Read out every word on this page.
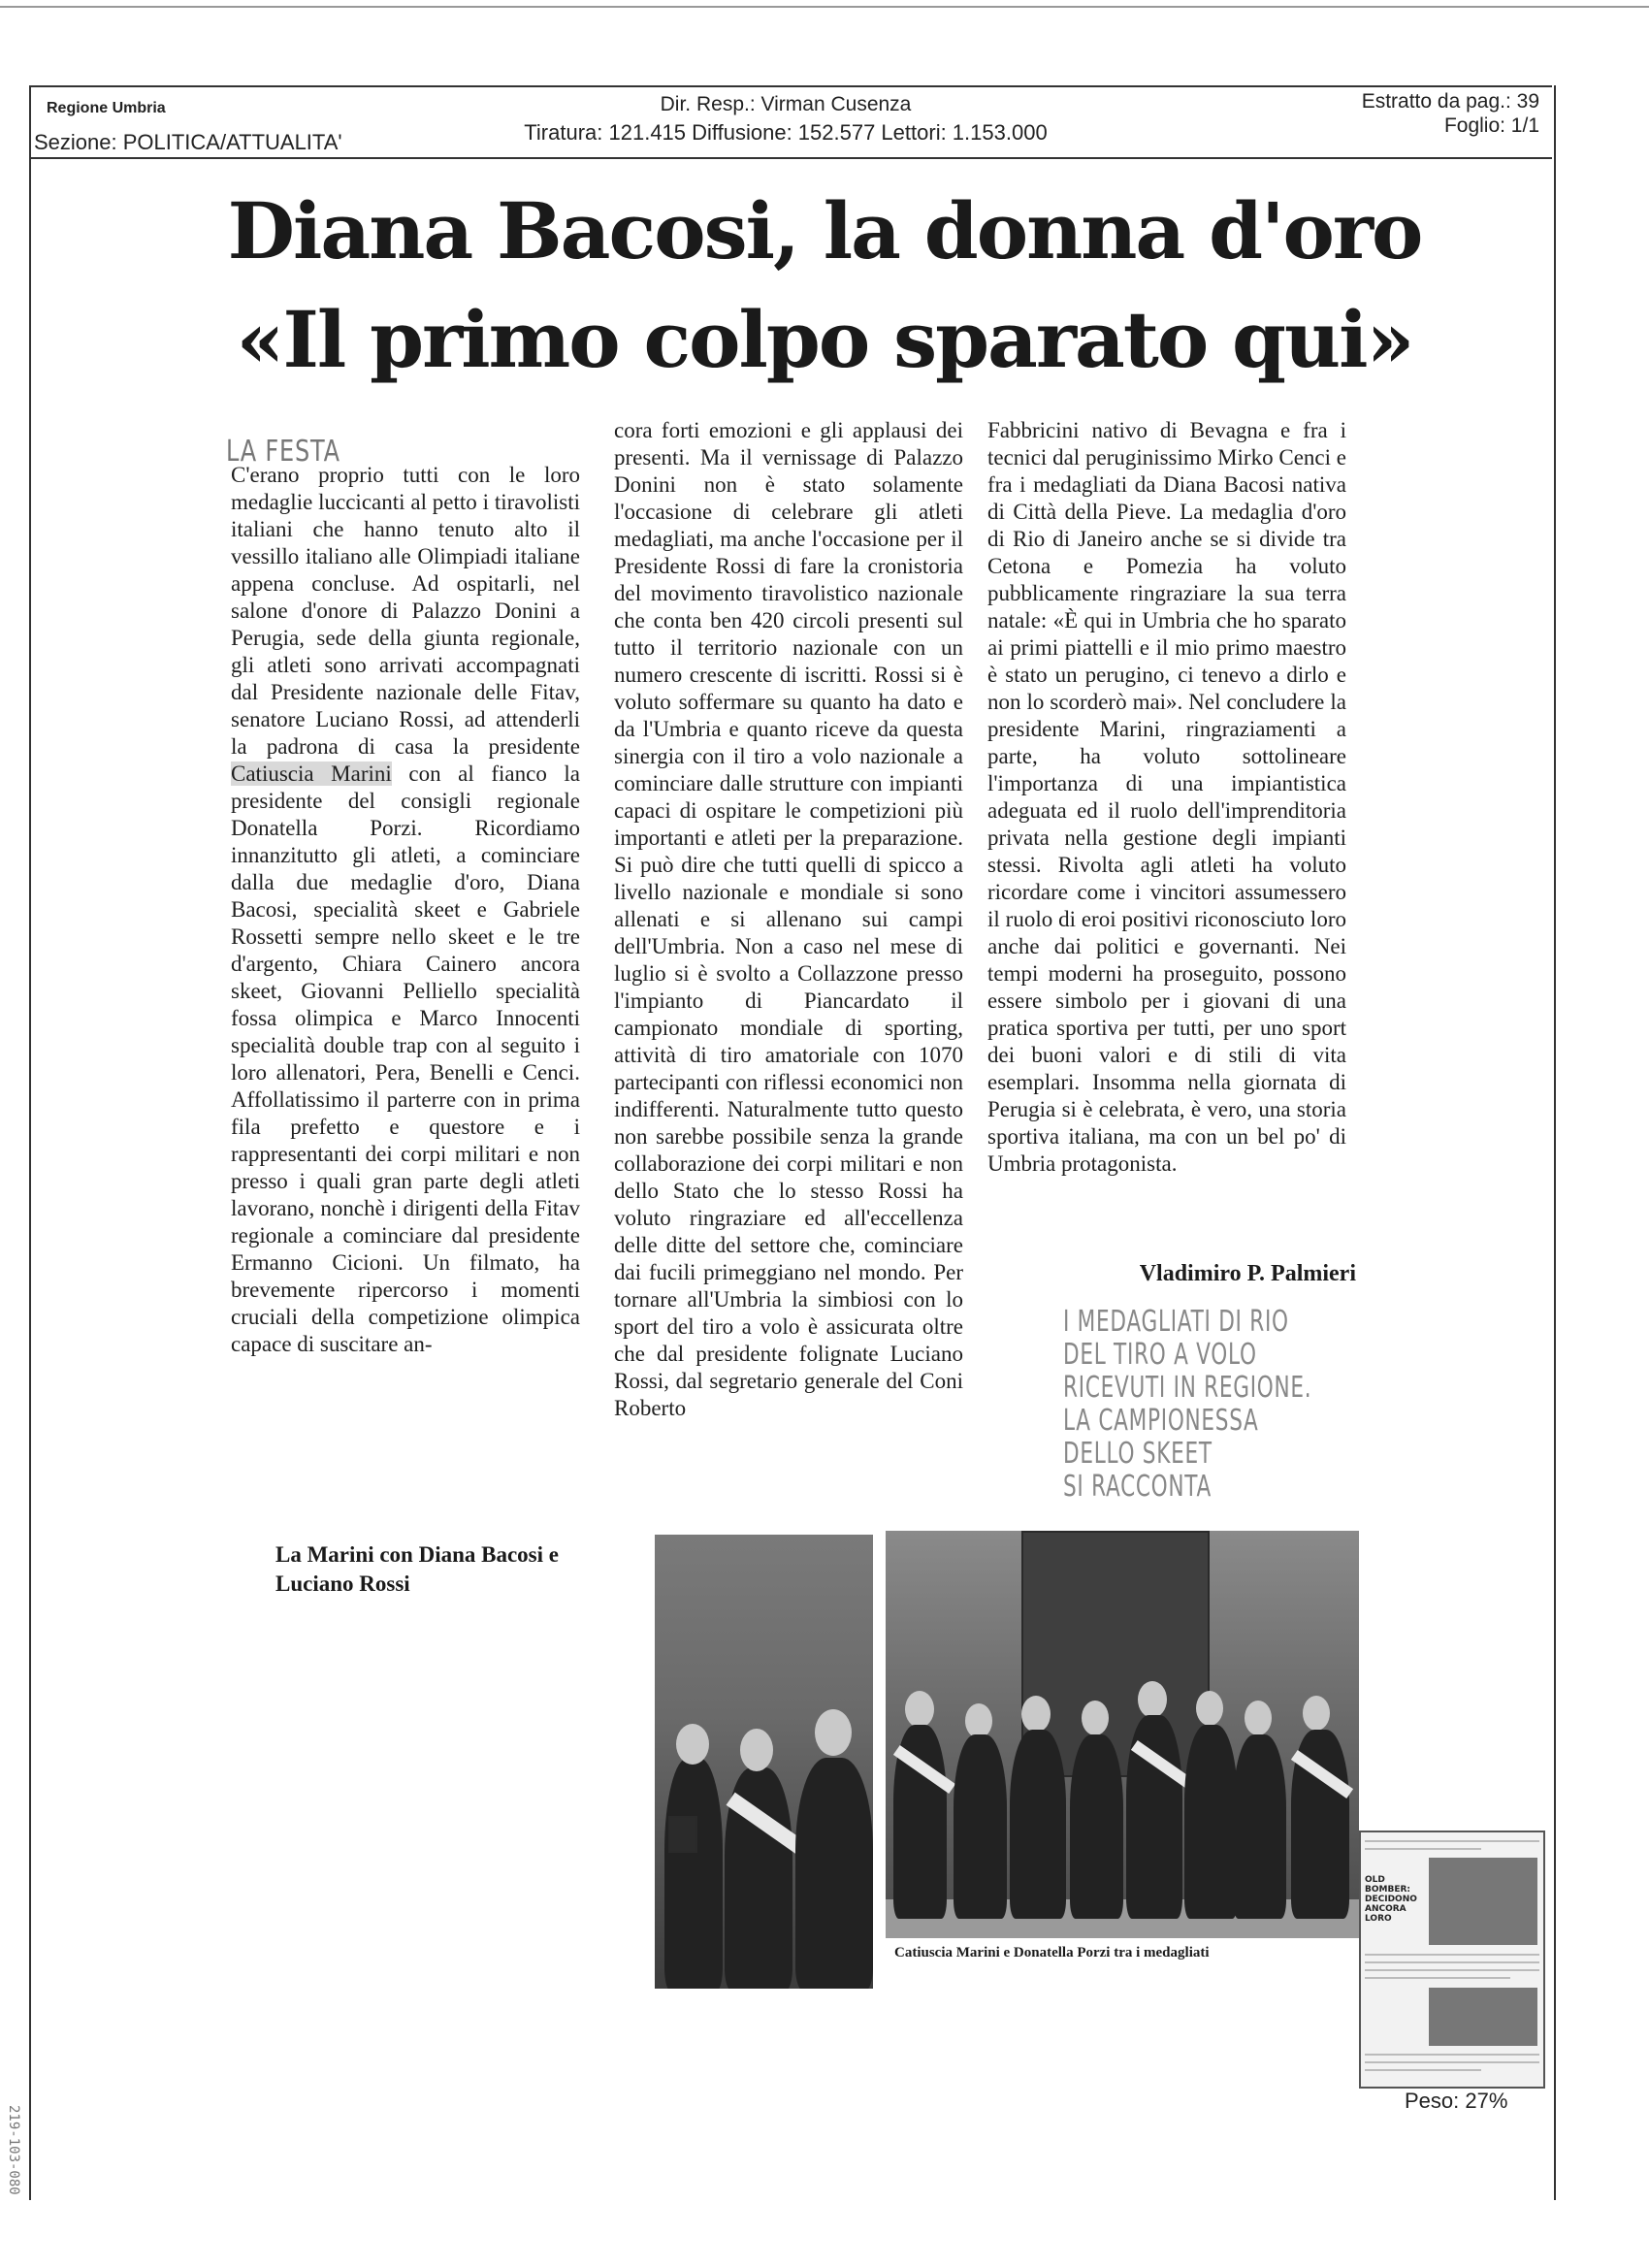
Regione Umbria
Sezione: POLITICA/ATTUALITA'
Dir. Resp.: Virman Cusenza
Tiratura: 121.415 Diffusione: 152.577 Lettori: 1.153.000
Estratto da pag.: 39
Foglio: 1/1
Diana Bacosi, la donna d'oro
«Il primo colpo sparato qui»
LA FESTA

C'erano proprio tutti con le loro medaglie luccicanti al petto i tiravolisti italiani che hanno tenuto alto il vessillo italiano alle Olimpiadi italiane appena concluse. Ad ospitarli, nel salone d'onore di Palazzo Donini a Perugia, sede della giunta regionale, gli atleti sono arrivati accompagnati dal Presidente nazionale delle Fitav, senatore Luciano Rossi, ad attenderli la padrona di casa la presidente Catiuscia Marini con al fianco la presidente del consigli regionale Donatella Porzi. Ricordiamo innanzitutto gli atleti, a cominciare dalla due medaglie d'oro, Diana Bacosi, specialità skeet e Gabriele Rossetti sempre nello skeet e le tre d'argento, Chiara Cainero ancora skeet, Giovanni Pelliello specialità fossa olimpica e Marco Innocenti specialità double trap con al seguito i loro allenatori, Pera, Benelli e Cenci. Affollatissimo il parterre con in prima fila prefetto e questore e i rappresentanti dei corpi militari e non presso i quali gran parte degli atleti lavorano, nonchè i dirigenti della Fitav regionale a cominciare dal presidente Ermanno Cicioni. Un filmato, ha brevemente ripercorso i momenti cruciali della competizione olimpica capace di suscitare an-

cora forti emozioni e gli applausi dei presenti. Ma il vernissage di Palazzo Donini non è stato solamente l'occasione di celebrare gli atleti medagliati, ma anche l'occasione per il Presidente Rossi di fare la cronistoria del movimento tiravolistico nazionale che conta ben 420 circoli presenti sul tutto il territorio nazionale con un numero crescente di iscritti. Rossi si è voluto soffermare su quanto ha dato e da l'Umbria e quanto riceve da questa sinergia con il tiro a volo nazionale a cominciare dalle strutture con impianti capaci di ospitare le competizioni più importanti e atleti per la preparazione. Si può dire che tutti quelli di spicco a livello nazionale e mondiale si sono allenati e si allenano sui campi dell'Umbria. Non a caso nel mese di luglio si è svolto a Collazzone presso l'impianto di Piancardato il campionato mondiale di sporting, attività di tiro amatoriale con 1070 partecipanti con riflessi economici non indifferenti. Naturalmente tutto questo non sarebbe possibile senza la grande collaborazione dei corpi militari e non dello Stato che lo stesso Rossi ha voluto ringraziare ed all'eccellenza delle ditte del settore che, cominciare dai fucili primeggiano nel mondo. Per tornare all'Umbria la simbiosi con lo sport del tiro a volo è assicurata oltre che dal presidente folignate Luciano Rossi, dal segretario generale del Coni Roberto

Fabbricini nativo di Bevagna e fra i tecnici dal peruginissimo Mirko Cenci e fra i medagliati da Diana Bacosi nativa di Città della Pieve. La medaglia d'oro di Rio di Janeiro anche se si divide tra Cetona e Pomezia ha voluto pubblicamente ringraziare la sua terra natale: «È qui in Umbria che ho sparato ai primi piattelli e il mio primo maestro è stato un perugino, ci tenevo a dirlo e non lo scorderò mai». Nel concludere la presidente Marini, ringraziamenti a parte, ha voluto sottolineare l'importanza di una impiantistica adeguata ed il ruolo dell'imprenditoria privata nella gestione degli impianti stessi. Rivolta agli atleti ha voluto ricordare come i vincitori assumessero il ruolo di eroi positivi riconosciuto loro anche dai politici e governanti. Nei tempi moderni ha proseguito, possono essere simbolo per i giovani di una pratica sportiva per tutti, per uno sport dei buoni valori e di stili di vita esemplari. Insomma nella giornata di Perugia si è celebrata, è vero, una storia sportiva italiana, ma con un bel po' di Umbria protagonista.

Vladimiro P. Palmieri
I MEDAGLIATI DI RIO
DEL TIRO A VOLO
RICEVUTI IN REGIONE.
LA CAMPIONESSA
DELLO SKEET
SI RACCONTA
La Marini con Diana Bacosi e
Luciano Rossi
Catiuscia Marini e Donatella Porzi tra i medagliati
OLD BOMBER: DECIDONO ANCORA LORO
Peso: 27%
219-103-080
